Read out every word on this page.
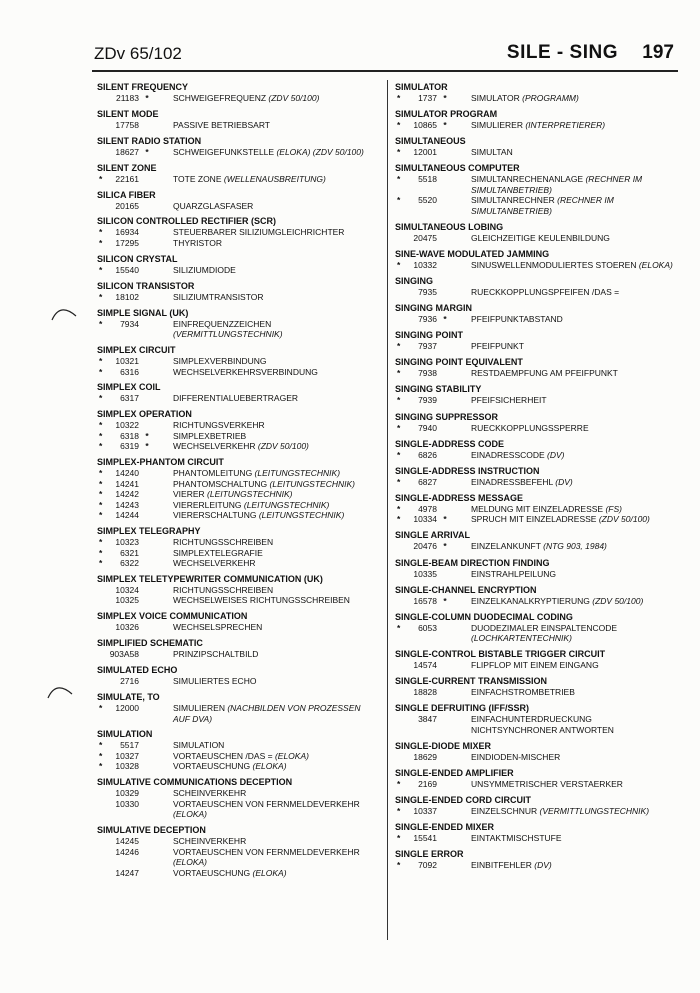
ZDv 65/102	SILE - SING 197
SILENT FREQUENCY
21183 *	SCHWEIGEFREQUENZ (ZDV 50/100)
SILENT MODE
17758	PASSIVE BETRIEBSART
SILENT RADIO STATION
18627 *	SCHWEIGEFUNKSTELLE (ELOKA) (ZDV 50/100)
SILENT ZONE
*	22161	TOTE ZONE (WELLENAUSBREITUNG)
SILICA FIBER
20165	QUARZGLASFASER
SILICON CONTROLLED RECTIFIER (SCR)
*	16934	STEUERBARER SILIZIUMGLEICHRICHTER
*	17295	THYRISTOR
SILICON CRYSTAL
*	15540	SILIZIUMDIODE
SILICON TRANSISTOR
*	18102	SILIZIUMTRANSISTOR
SIMPLE SIGNAL (UK)
*	7934	EINFREQUENZZEICHEN (VERMITTLUNGSTECHNIK)
SIMPLEX CIRCUIT
*	10321	SIMPLEXVERBINDUNG
*	6316	WECHSELVERKEHRSVERBINDUNG
SIMPLEX COIL
*	6317	DIFFERENTIALUEBERTRAGER
SIMPLEX OPERATION
*	10322	RICHTUNGSVERKEHR
*	6318 *	SIMPLEXBETRIEB
*	6319 *	WECHSELVERKEHR (ZDV 50/100)
SIMPLEX-PHANTOM CIRCUIT
*	14240	PHANTOMLEITUNG (LEITUNGSTECHNIK)
*	14241	PHANTOMSCHALTUNG (LEITUNGSTECHNIK)
*	14242	VIERER (LEITUNGSTECHNIK)
*	14243	VIERERLEITUNG (LEITUNGSTECHNIK)
*	14244	VIERERSCHALTUNG (LEITUNGSTECHNIK)
SIMPLEX TELEGRAPHY
*	10323	RICHTUNGSSCHREIBEN
*	6321	SIMPLEXTELEGRAFIE
*	6322	WECHSELVERKEHR
SIMPLEX TELETYPEWRITER COMMUNICATION (UK)
10324	RICHTUNGSSCHREIBEN
10325	WECHSELWEISES RICHTUNGSSCHREIBEN
SIMPLEX VOICE COMMUNICATION
10326	WECHSELSPRECHEN
SIMPLIFIED SCHEMATIC
903A58	PRINZIPSCHALTBILD
SIMULATED ECHO
2716	SIMULIERTES ECHO
SIMULATE, TO
*	12000	SIMULIEREN (NACHBILDEN VON PROZESSEN AUF DVA)
SIMULATION
*	5517	SIMULATION
*	10327	VORTAEUSCHEN /DAS = (ELOKA)
*	10328	VORTAEUSCHUNG (ELOKA)
SIMULATIVE COMMUNICATIONS DECEPTION
10329	SCHEINVERKEHR
10330	VORTAEUSCHEN VON FERNMELDEVERKEHR (ELOKA)
SIMULATIVE DECEPTION
14245	SCHEINVERKEHR
14246	VORTAEUSCHEN VON FERNMELDEVERKEHR (ELOKA)
14247	VORTAEUSCHUNG (ELOKA)
SIMULATOR
*	1737 *	SIMULATOR (PROGRAMM)
SIMULATOR PROGRAM
*	10865 *	SIMULIERER (INTERPRETIERER)
SIMULTANEOUS
*	12001	SIMULTAN
SIMULTANEOUS COMPUTER
*	5518	SIMULTANRECHENANLAGE (RECHNER IM SIMULTANBETRIEB)
*	5520	SIMULTANRECHNER (RECHNER IM SIMULTANBETRIEB)
SIMULTANEOUS LOBING
20475	GLEICHZEITIGE KEULENBILDUNG
SINE-WAVE MODULATED JAMMING
*	10332	SINUSWELLENMODULIERTES STOEREN (ELOKA)
SINGING
7935	RUECKKOPPLUNGSPFEIFEN /DAS =
SINGING MARGIN
7936 *	PFEIFPUNKTABSTAND
SINGING POINT
*	7937	PFEIFPUNKT
SINGING POINT EQUIVALENT
*	7938	RESTDAEMPFUNG AM PFEIFPUNKT
SINGING STABILITY
*	7939	PFEIFSICHERHEIT
SINGING SUPPRESSOR
*	7940	RUECKKOPPLUNGSSPERRE
SINGLE-ADDRESS CODE
*	6826	EINADRESSCODE (DV)
SINGLE-ADDRESS INSTRUCTION
*	6827	EINADRESSBEFEHL (DV)
SINGLE-ADDRESS MESSAGE
*	4978	MELDUNG MIT EINZELADRESSE (FS)
*	10334 *	SPRUCH MIT EINZELADRESSE (ZDV 50/100)
SINGLE ARRIVAL
20476 *	EINZELANKUNFT (NTG 903, 1984)
SINGLE-BEAM DIRECTION FINDING
10335	EINSTRAHLPEILUNG
SINGLE-CHANNEL ENCRYPTION
16578 *	EINZELKANALKRYPTIERUNG (ZDV 50/100)
SINGLE-COLUMN DUODECIMAL CODING
*	6053	DUODEZIMALER EINSPALTENCODE (LOCHKARTENTECHNIK)
SINGLE-CONTROL BISTABLE TRIGGER CIRCUIT
14574	FLIPFLOP MIT EINEM EINGANG
SINGLE-CURRENT TRANSMISSION
18828	EINFACHSTROMBETRIEB
SINGLE DEFRUITING (IFF/SSR)
3847	EINFACHUNTERDRUECKUNG NICHTSYNCHRONER ANTWORTEN
SINGLE-DIODE MIXER
18629	EINDIODEN-MISCHER
SINGLE-ENDED AMPLIFIER
*	2169	UNSYMMETRISCHER VERSTAERKER
SINGLE-ENDED CORD CIRCUIT
*	10337	EINZELSCHNUR (VERMITTLUNGSTECHNIK)
SINGLE-ENDED MIXER
*	15541	EINTAKTMISCHSTUFE
SINGLE ERROR
*	7092	EINBITFEHLER (DV)
